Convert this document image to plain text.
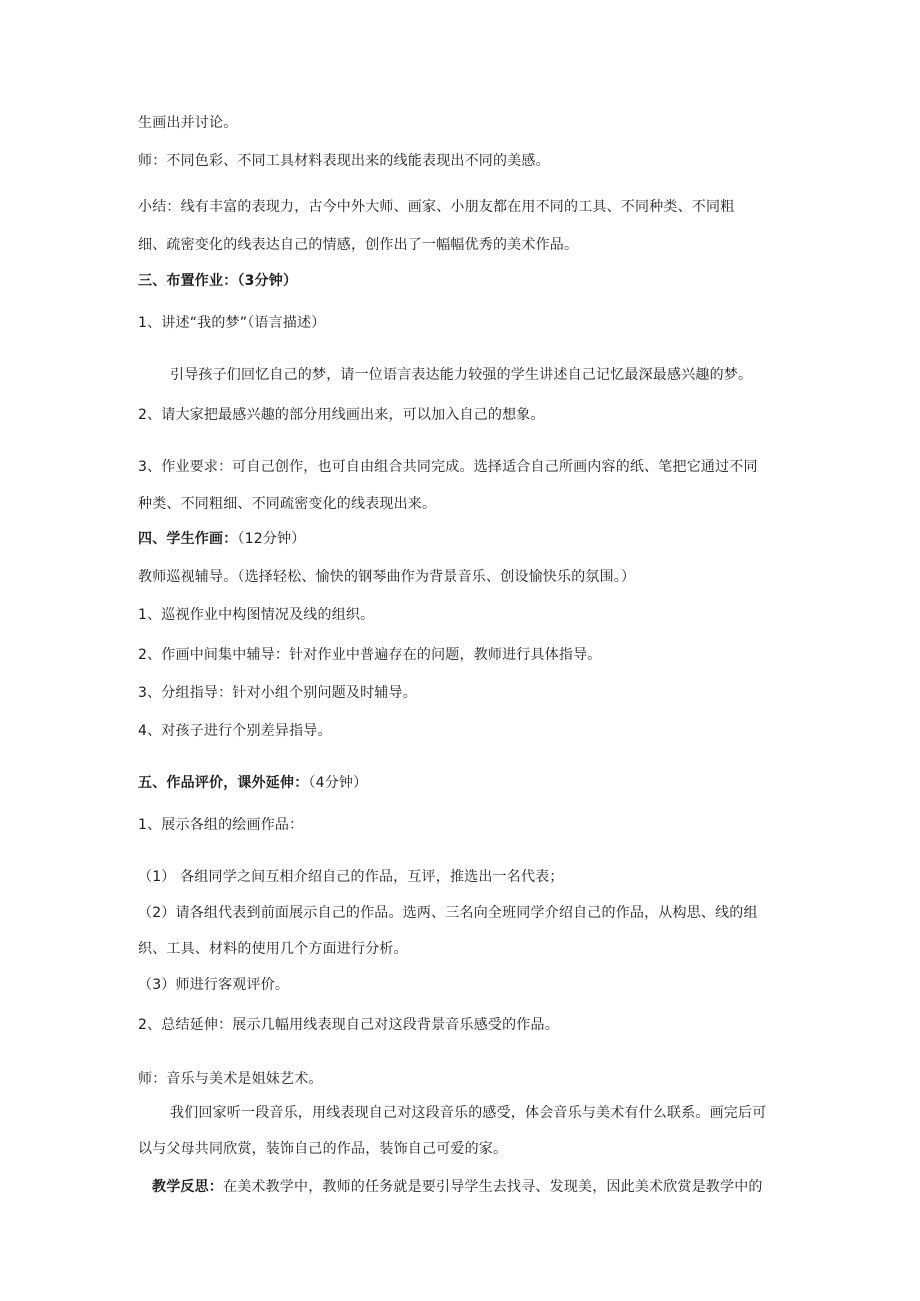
生画出并讨论。
师：不同色彩、不同工具材料表现出来的线能表现出不同的美感。
小结：线有丰富的表现力，古今中外大师、画家、小朋友都在用不同的工具、不同种类、不同粗
细、疏密变化的线表达自己的情感，创作出了一幅幅优秀的美术作品。
三、布置作业：（3分钟）
1、讲述“我的梦”（语言描述）
引导孩子们回忆自己的梦，请一位语言表达能力较强的学生讲述自己记忆最深最感兴趣的梦。
2、请大家把最感兴趣的部分用线画出来，可以加入自己的想象。
3、作业要求：可自己创作，也可自由组合共同完成。选择适合自己所画内容的纸、笔把它通过不同
种类、不同粗细、不同疏密变化的线表现出来。
四、学生作画：（12分钟）
教师巡视辅导。（选择轻松、愉快的钢琴曲作为背景音乐、创设愉快乐的氛围。）
1、巡视作业中构图情况及线的组织。
2、作画中间集中辅导：针对作业中普遍存在的问题，教师进行具体指导。
3、分组指导：针对小组个别问题及时辅导。
4、对孩子进行个别差异指导。
五、作品评价，课外延伸：（4分钟）
1、展示各组的绘画作品：
（1） 各组同学之间互相介绍自己的作品，互评，推选出一名代表；
（2）请各组代表到前面展示自己的作品。选两、三名向全班同学介绍自己的作品，从构思、线的组
织、工具、材料的使用几个方面进行分析。
（3）师进行客观评价。
2、总结延伸：展示几幅用线表现自己对这段背景音乐感受的作品。
师：音乐与美术是姐妹艺术。
我们回家听一段音乐，用线表现自己对这段音乐的感受，体会音乐与美术有什么联系。画完后可
以与父母共同欣赏，装饰自己的作品，装饰自己可爱的家。
教学反思：在美术教学中，教师的任务就是要引导学生去找寻、发现美，因此美术欣赏是教学中的
